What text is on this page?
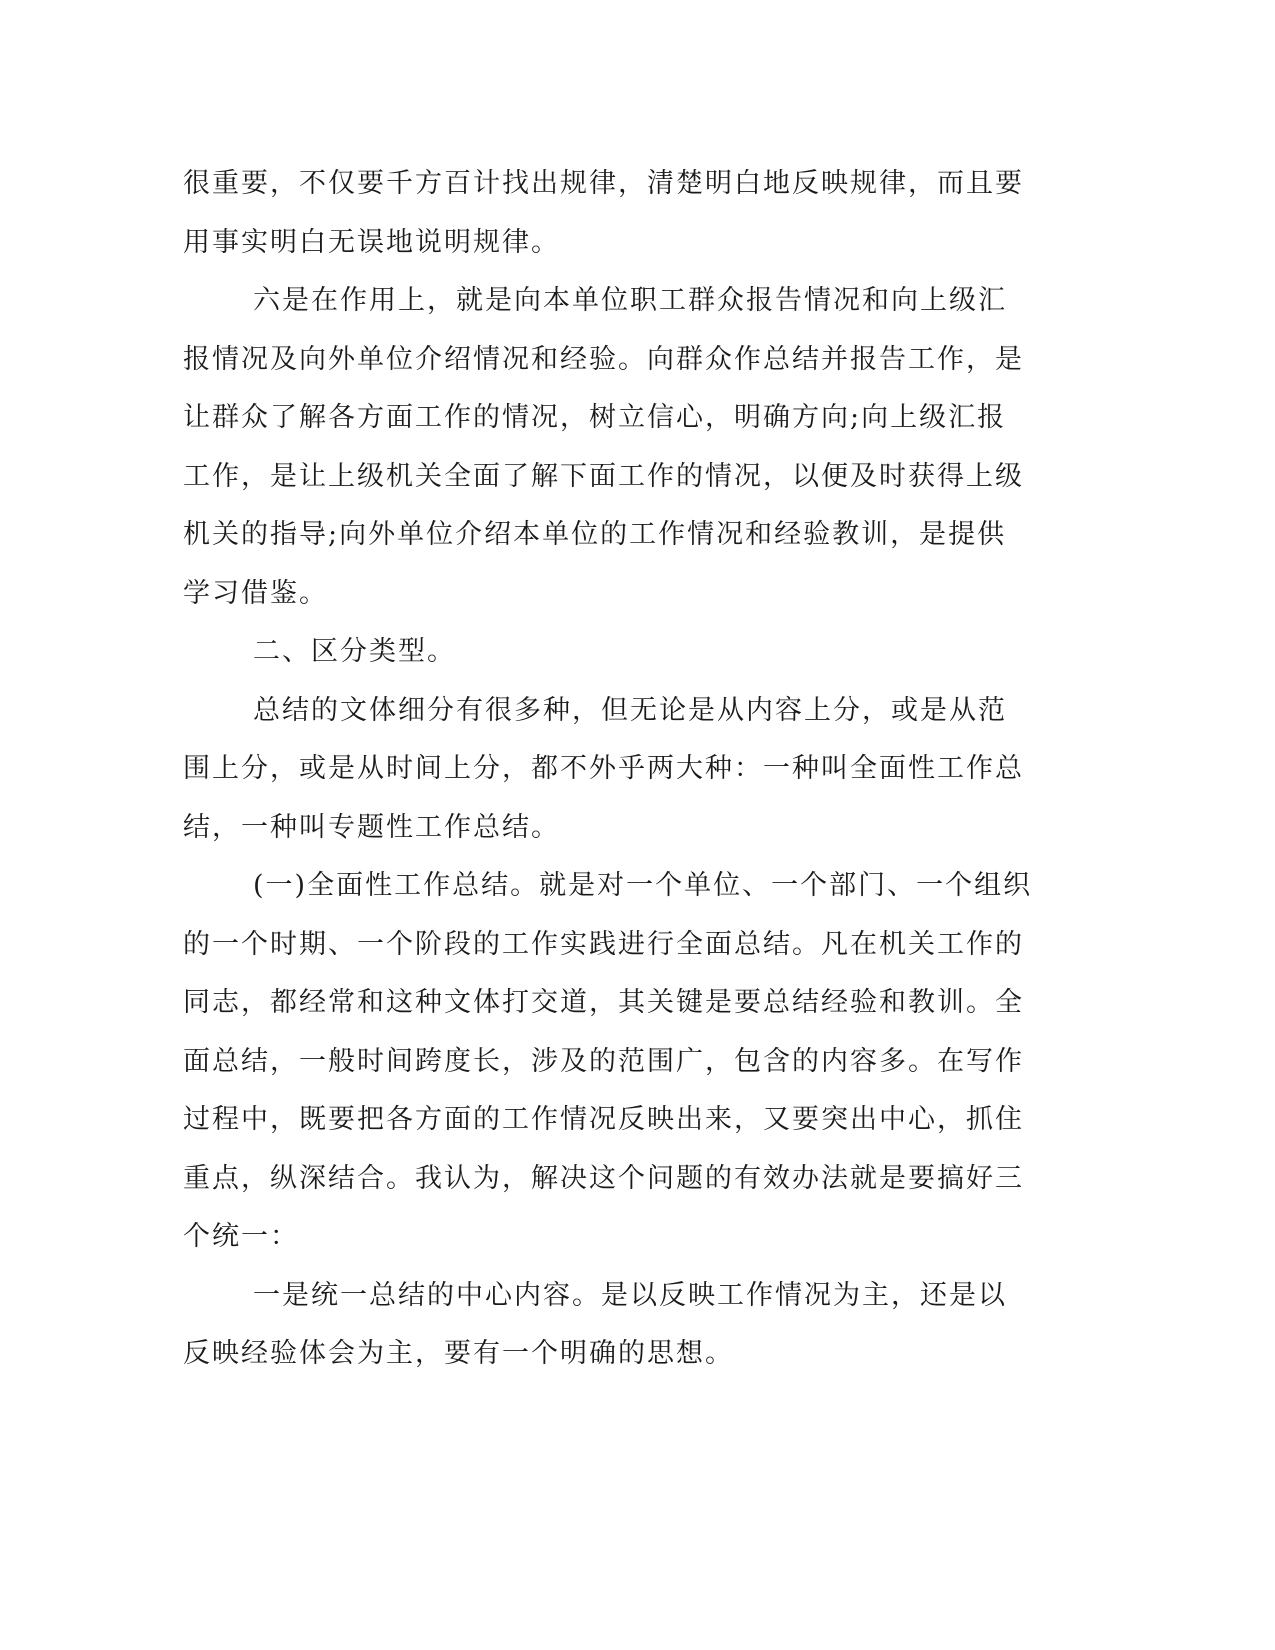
很重要，不仅要千方百计找出规律，清楚明白地反映规律，而且要用事实明白无误地说明规律。

六是在作用上，就是向本单位职工群众报告情况和向上级汇报情况及向外单位介绍情况和经验。向群众作总结并报告工作，是让群众了解各方面工作的情况，树立信心，明确方向;向上级汇报工作，是让上级机关全面了解下面工作的情况，以便及时获得上级机关的指导;向外单位介绍本单位的工作情况和经验教训，是提供学习借鉴。

二、区分类型。

总结的文体细分有很多种，但无论是从内容上分，或是从范围上分，或是从时间上分，都不外乎两大种：一种叫全面性工作总结，一种叫专题性工作总结。

(一)全面性工作总结。就是对一个单位、一个部门、一个组织的一个时期、一个阶段的工作实践进行全面总结。凡在机关工作的同志，都经常和这种文体打交道，其关键是要总结经验和教训。全面总结，一般时间跨度长，涉及的范围广，包含的内容多。在写作过程中，既要把各方面的工作情况反映出来，又要突出中心，抓住重点，纵深结合。我认为，解决这个问题的有效办法就是要搞好三个统一：

一是统一总结的中心内容。是以反映工作情况为主，还是以反映经验体会为主，要有一个明确的思想。
